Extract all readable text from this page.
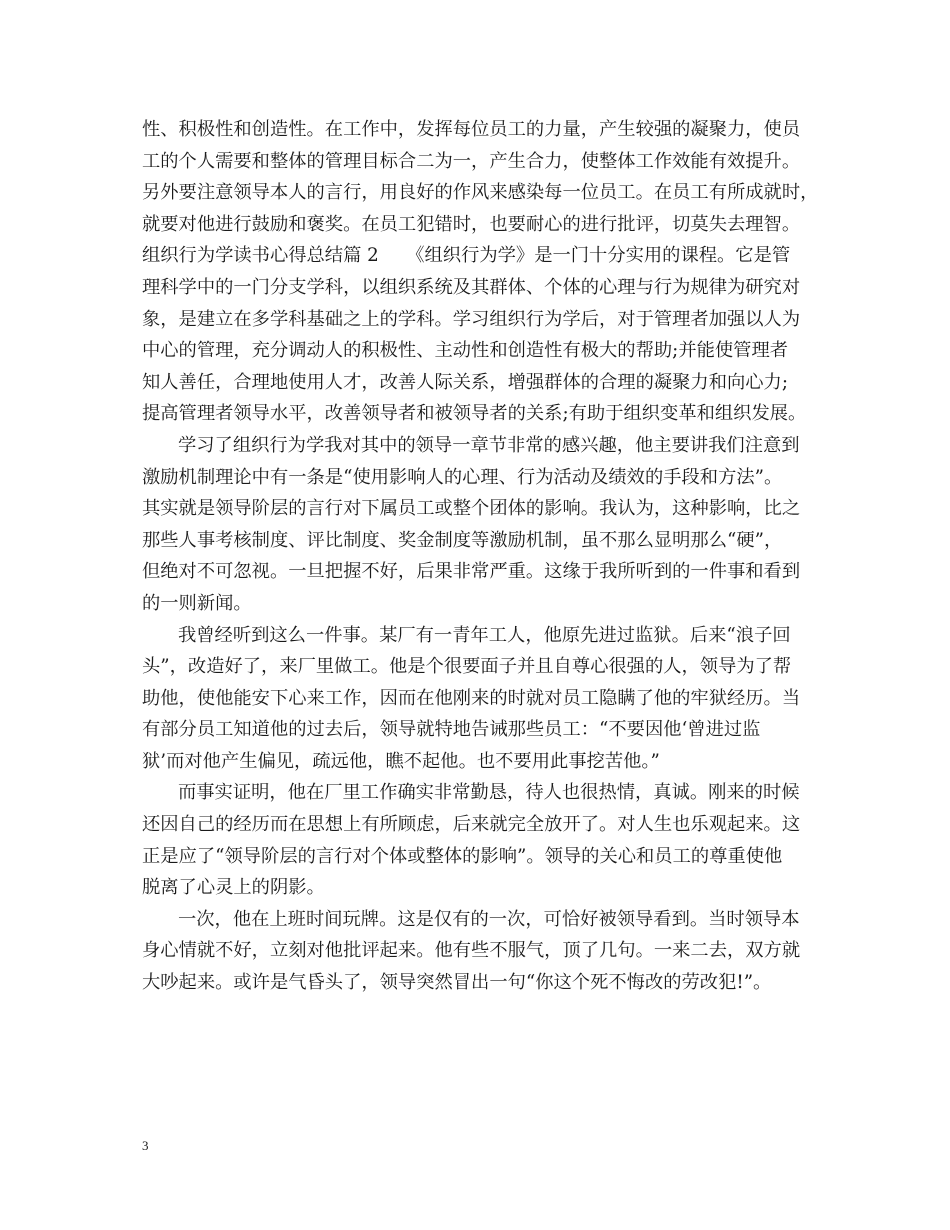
性、积极性和创造性。在工作中，发挥每位员工的力量，产生较强的凝聚力，使员
工的个人需要和整体的管理目标合二为一，产生合力，使整体工作效能有效提升。
另外要注意领导本人的言行，用良好的作风来感染每一位员工。在员工有所成就时，
就要对他进行鼓励和褒奖。在员工犯错时，也要耐心的进行批评，切莫失去理智。
组织行为学读书心得总结篇 2　　《组织行为学》是一门十分实用的课程。它是管
理科学中的一门分支学科，以组织系统及其群体、个体的心理与行为规律为研究对
象，是建立在多学科基础之上的学科。学习组织行为学后，对于管理者加强以人为
中心的管理，充分调动人的积极性、主动性和创造性有极大的帮助;并能使管理者
知人善任，合理地使用人才，改善人际关系，增强群体的合理的凝聚力和向心力;
提高管理者领导水平，改善领导者和被领导者的关系;有助于组织变革和组织发展。
学习了组织行为学我对其中的领导一章节非常的感兴趣，他主要讲我们注意到
激励机制理论中有一条是“使用影响人的心理、行为活动及绩效的手段和方法”。
其实就是领导阶层的言行对下属员工或整个团体的影响。我认为，这种影响，比之
那些人事考核制度、评比制度、奖金制度等激励机制，虽不那么显明那么“硬”，
但绝对不可忽视。一旦把握不好，后果非常严重。这缘于我所听到的一件事和看到
的一则新闻。
我曾经听到这么一件事。某厂有一青年工人，他原先进过监狱。后来“浪子回
头”，改造好了，来厂里做工。他是个很要面子并且自尊心很强的人，领导为了帮
助他，使他能安下心来工作，因而在他刚来的时就对员工隐瞒了他的牢狱经历。当
有部分员工知道他的过去后，领导就特地告诫那些员工：“不要因他‘曾进过监
狱’而对他产生偏见，疏远他，瞧不起他。也不要用此事挖苦他。”
而事实证明，他在厂里工作确实非常勤恳，待人也很热情，真诚。刚来的时候
还因自己的经历而在思想上有所顾虑，后来就完全放开了。对人生也乐观起来。这
正是应了“领导阶层的言行对个体或整体的影响”。领导的关心和员工的尊重使他
脱离了心灵上的阴影。
一次，他在上班时间玩牌。这是仅有的一次，可恰好被领导看到。当时领导本
身心情就不好，立刻对他批评起来。他有些不服气，顶了几句。一来二去，双方就
大吵起来。或许是气昏头了，领导突然冒出一句“你这个死不悔改的劳改犯!”。
3
